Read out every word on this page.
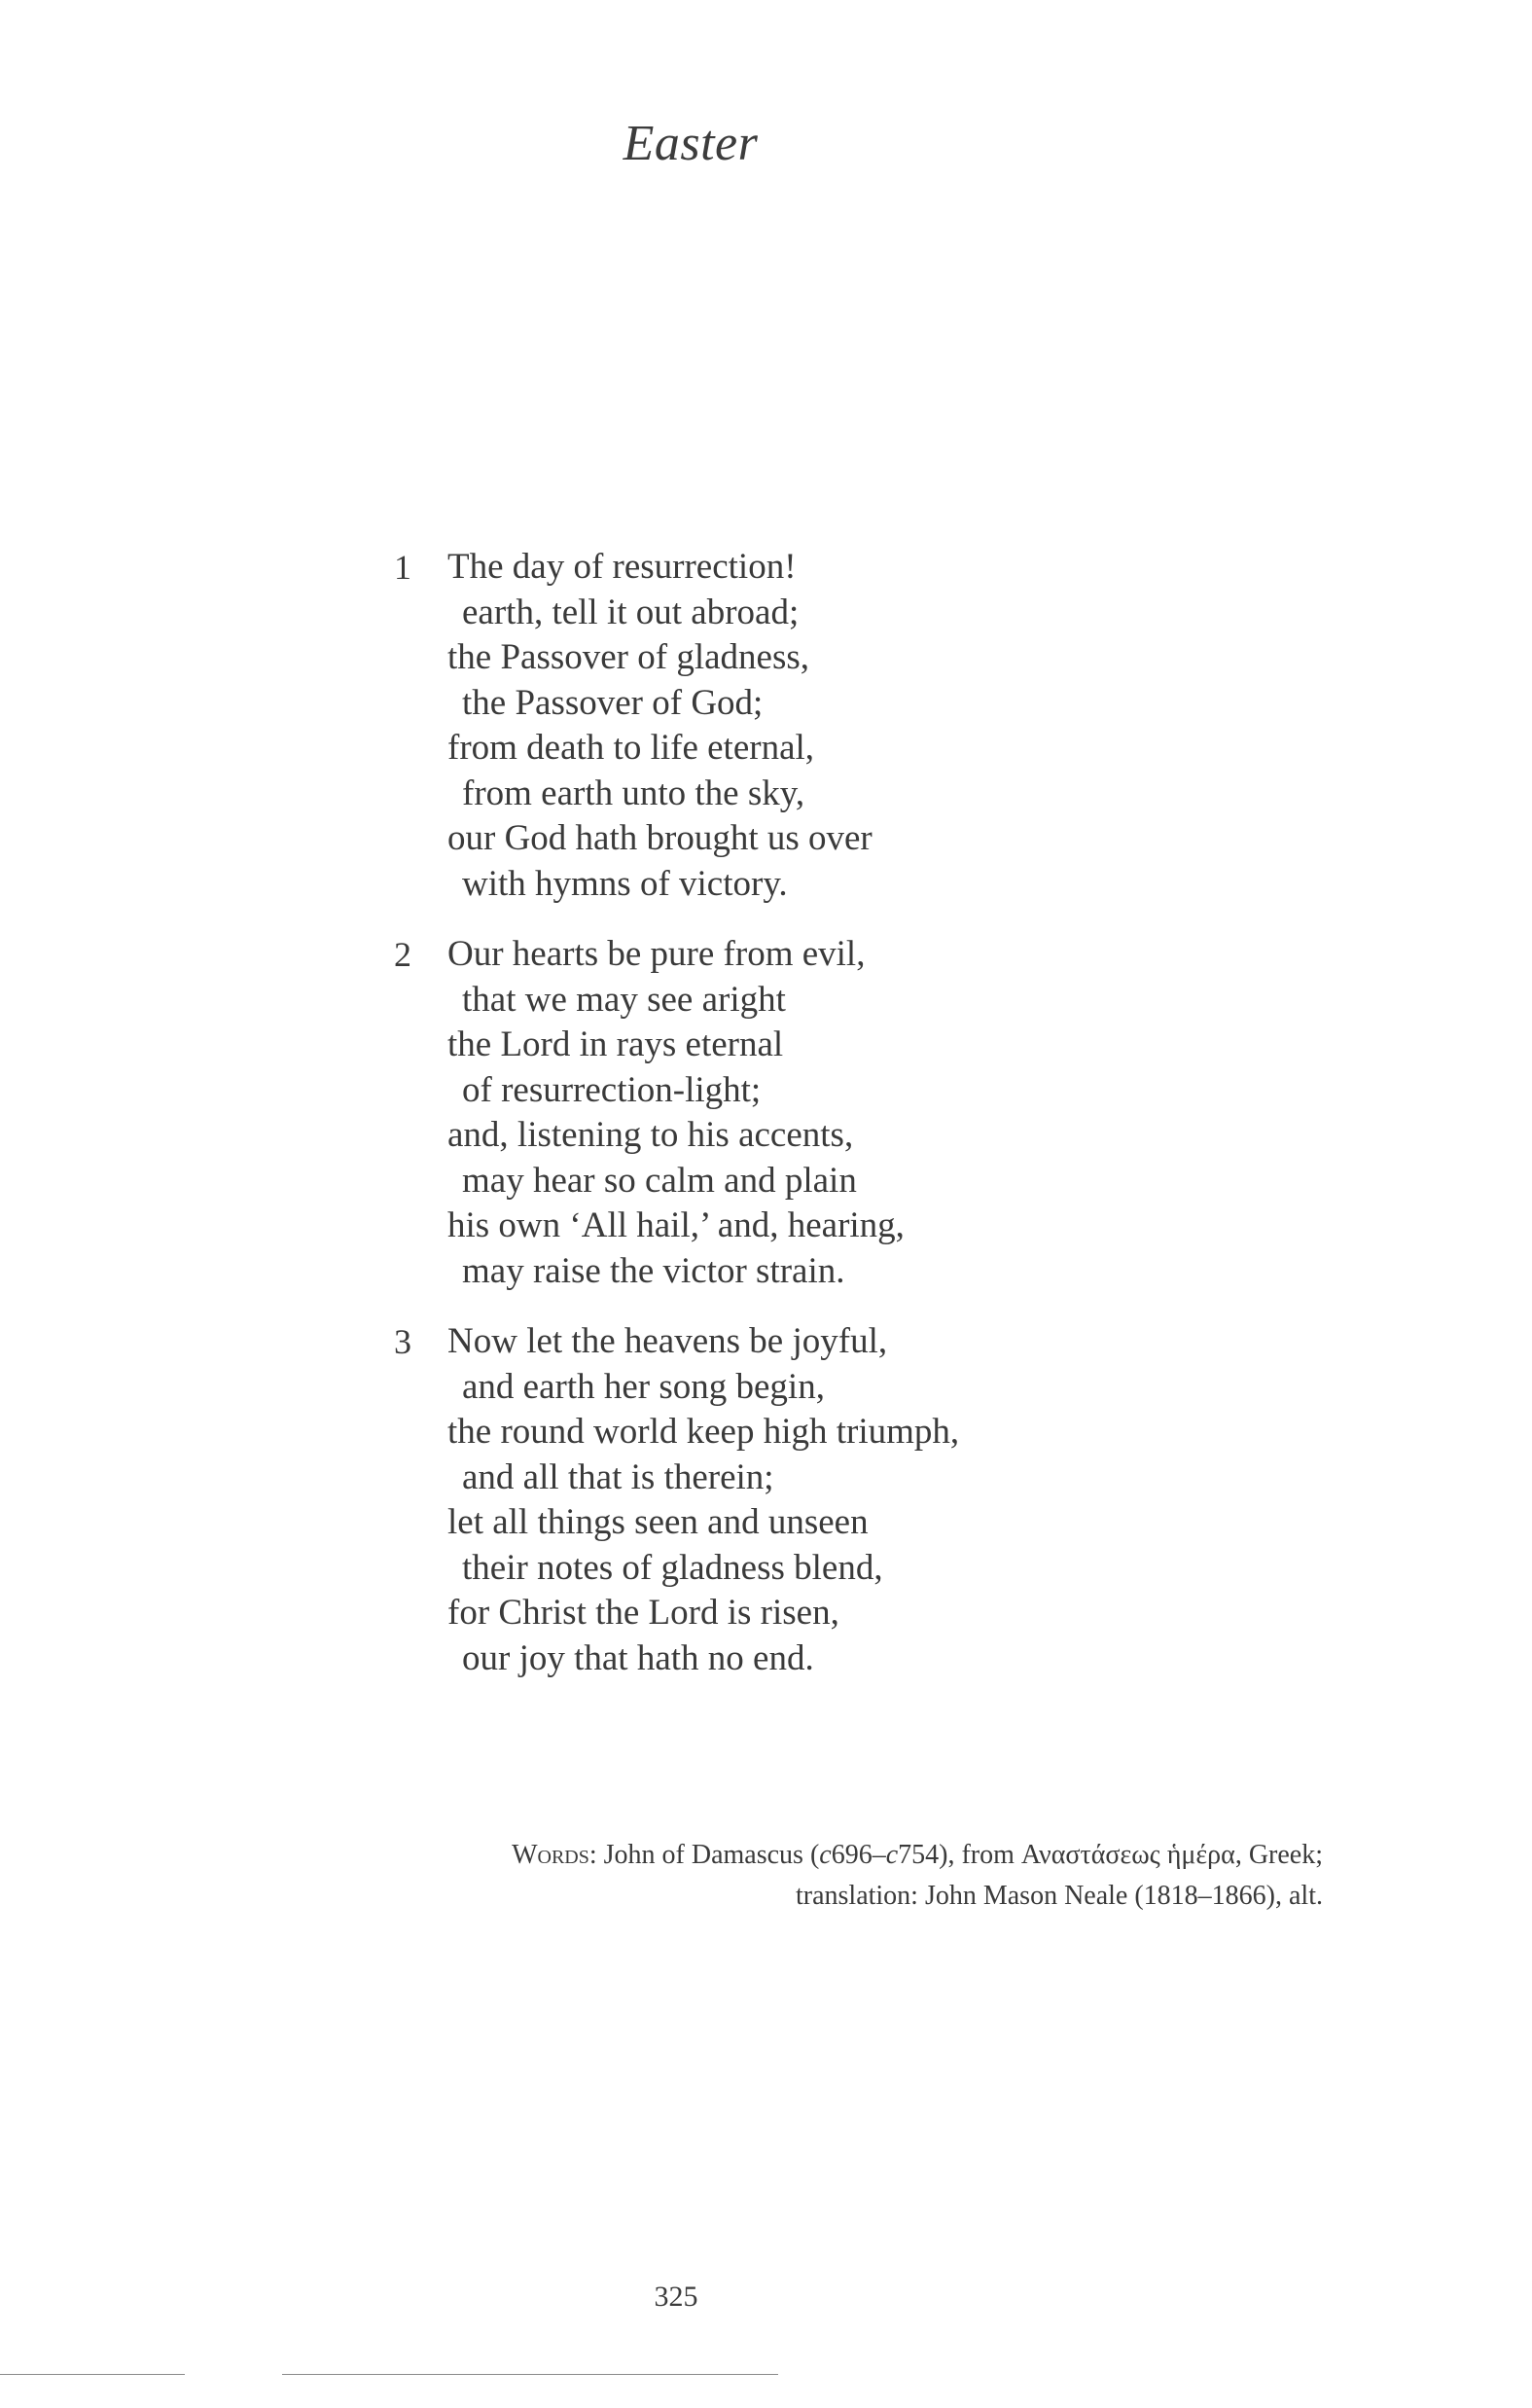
Easter
1 The day of resurrection!
earth, tell it out abroad;
the Passover of gladness,
the Passover of God;
from death to life eternal,
from earth unto the sky,
our God hath brought us over
with hymns of victory.
2 Our hearts be pure from evil,
that we may see aright
the Lord in rays eternal
of resurrection-light;
and, listening to his accents,
may hear so calm and plain
his own ‘All hail,’ and, hearing,
may raise the victor strain.
3 Now let the heavens be joyful,
and earth her song begin,
the round world keep high triumph,
and all that is therein;
let all things seen and unseen
their notes of gladness blend,
for Christ the Lord is risen,
our joy that hath no end.
Words: John of Damascus (c696–c754), from Αναστάσεως ἡμέρα, Greek;
translation: John Mason Neale (1818–1866), alt.
325
